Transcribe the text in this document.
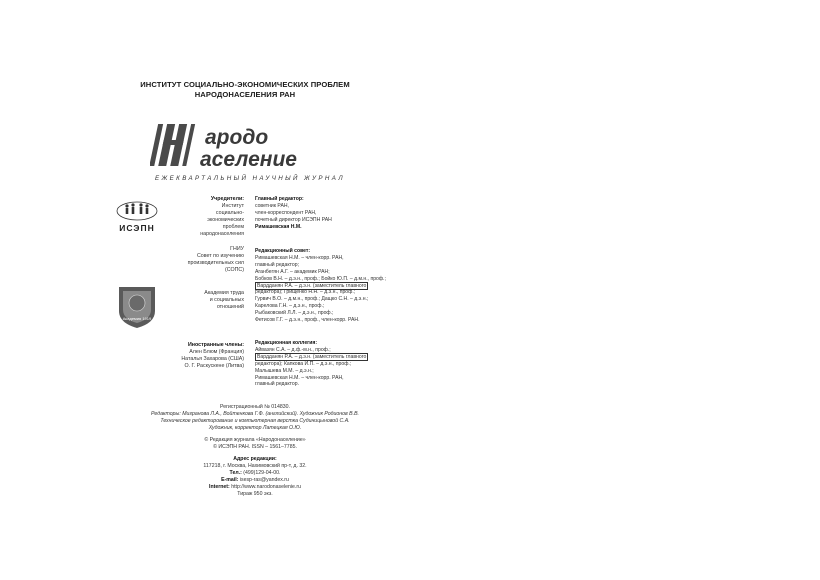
ИНСТИТУТ СОЦИАЛЬНО-ЭКОНОМИЧЕСКИХ ПРОБЛЕМ
НАРОДОНАСЕЛЕНИЯ РАН
ародо
аселение
ЕЖЕКВАРТАЛЬНЫЙ НАУЧНЫЙ ЖУРНАЛ
ИСЭПН
Учредители:
Институт
социально-
экономических
проблем
народонаселения
ГНИУ
Совет по изучению
производительных сил
(СОПС)
Академия 1919
Академия труда
и социальных
отношений
Главный редактор:
советник РАН,
член-корреспондент РАН,
почетный директор ИСЭПН РАН
Римашевская Н.М.
Редакционный совет:
Римашевская Н.М. – член-корр. РАН,
главный редактор;
Аганбегян А.Г. – академик РАН;
Бобков В.Н. – д.э.н., проф.; Бойко Ю.П. – д.м.н., проф.;
Вардданян Р.А. – д.э.н. (заместитель главного
редактора); Грищенко Н.Н. – д.э.н., проф.;
Гурвич В.О. – д.м.н., проф.; Дащко С.Н. – д.э.н.;
Карелова Г.Н. – д.э.н., проф.;
Рыбаковский Л.Л. – д.э.н., проф.;
Фетисов Г.Г. – д.э.н., проф., член-корр. РАН.
Иностранные члены:
Ален Блюм (Франция)
Наталья Захарова (США)
О. Г. Раскускене (Литва)
Редакционная коллегия:
Айвазян С.А. – д.ф.-м.н., проф.;
Вардданян Р.А. – д.э.н. (заместитель главного
редактора); Капкова И.П. – д.э.н., проф.;
Малышева М.М. – д.э.н.;
Римашевская Н.М. – член-корр. РАН,
главный редактор.
Регистрационный № 014830.
Редакторы: Мигранова Л.А., Войтенкова Г.Ф. (английский). Художник Родионов В.В.
Техническое редактирование и компьютерная верстка Судиницыновой С.А.
Художник, корректор Латецкая О.Ю.
© Редакция журнала «Народонаселение»
© ИСЭПН РАН. ISSN – 1561–7785.
Адрес редакции:
117218, г. Москва, Нахимовский пр-т, д. 32.
Тел.: (499)129-04-00.
E-mail: isesp-ras@yandex.ru
Internet: http://www.narodonaselenie.ru
Тираж 950 экз.
